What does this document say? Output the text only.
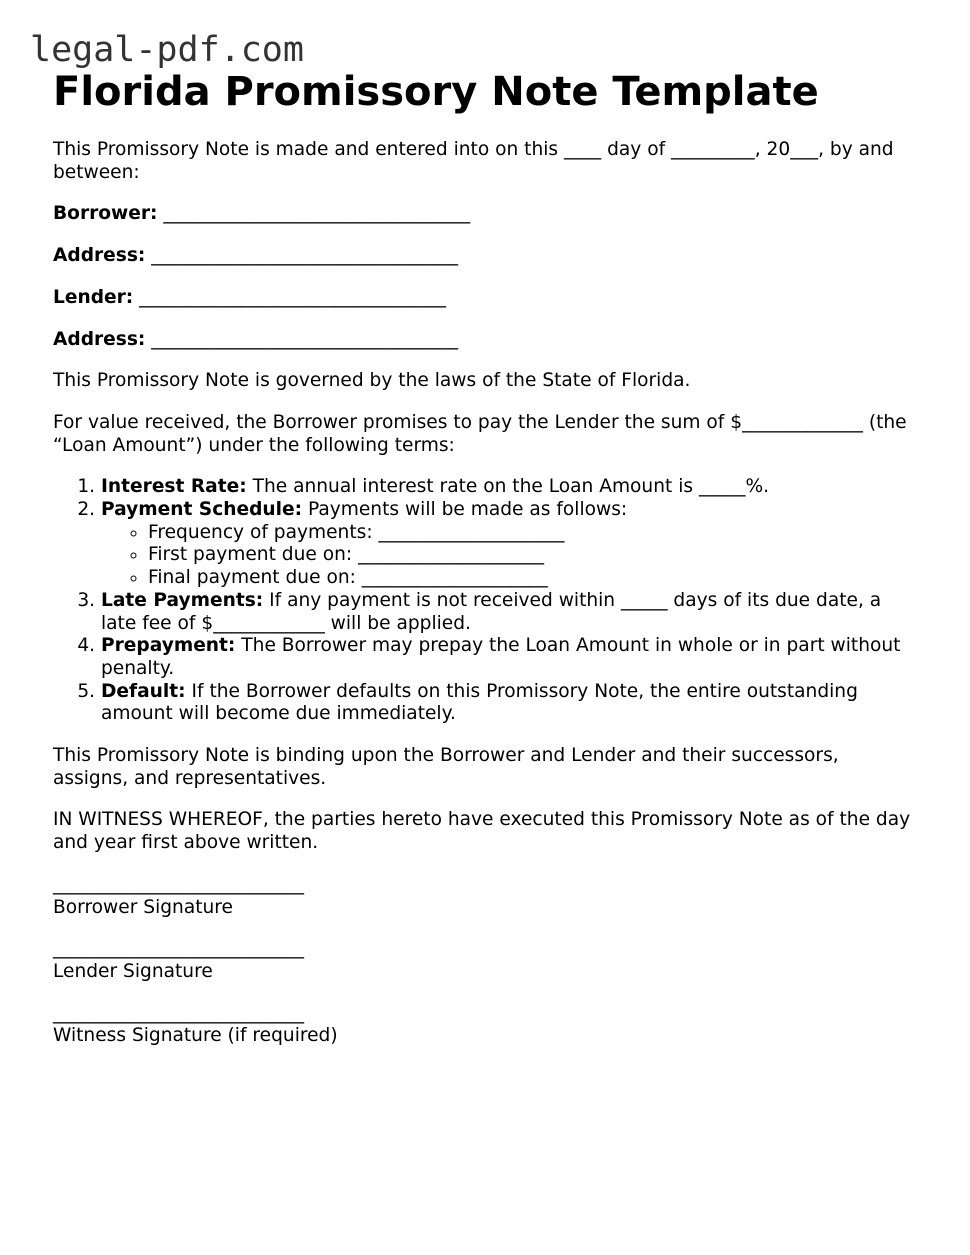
legal-pdf.com
Florida Promissory Note Template

This Promissory Note is made and entered into on this ____ day of _________, 20___, by and between:

Borrower: _________________________________

Address: _________________________________

Lender: _________________________________

Address: _________________________________

This Promissory Note is governed by the laws of the State of Florida.

For value received, the Borrower promises to pay the Lender the sum of $_____________ (the “Loan Amount”) under the following terms:

1. Interest Rate: The annual interest rate on the Loan Amount is _____%.
2. Payment Schedule: Payments will be made as follows:
◦ Frequency of payments: ____________________
◦ First payment due on: ____________________
◦ Final payment due on: ____________________
3. Late Payments: If any payment is not received within _____ days of its due date, a late fee of $____________ will be applied.
4. Prepayment: The Borrower may prepay the Loan Amount in whole or in part without penalty.
5. Default: If the Borrower defaults on this Promissory Note, the entire outstanding amount will become due immediately.

This Promissory Note is binding upon the Borrower and Lender and their successors, assigns, and representatives.

IN WITNESS WHEREOF, the parties hereto have executed this Promissory Note as of the day and year first above written.

___________________________

Borrower Signature

___________________________

Lender Signature

___________________________

Witness Signature (if required)
